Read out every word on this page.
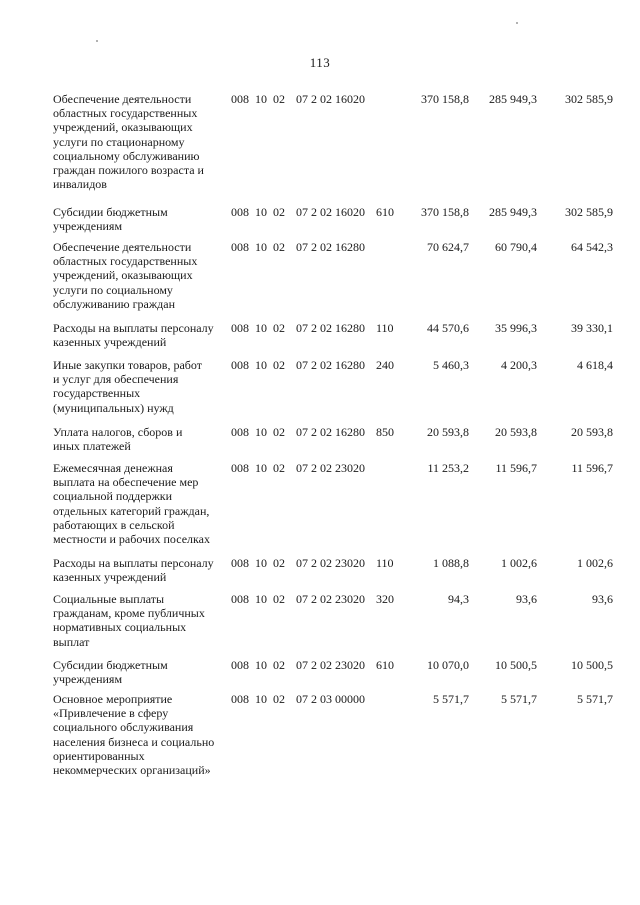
113
Обеспечение деятельности
областных государственных
учреждений, оказывающих
услуги по стационарному
социальному обслуживанию
граждан пожилого возраста и
инвалидов
008 10 02 07 2 02 16020	370 158,8	285 949,3	302 585,9
Субсидии бюджетным
учреждениям
008 10 02 07 2 02 16020 610	370 158,8	285 949,3	302 585,9
Обеспечение деятельности
областных государственных
учреждений, оказывающих
услуги по социальному
обслуживанию граждан
008 10 02 07 2 02 16280	70 624,7	60 790,4	64 542,3
Расходы на выплаты персоналу
казенных учреждений
008 10 02 07 2 02 16280 110	44 570,6	35 996,3	39 330,1
Иные закупки товаров, работ
и услуг для обеспечения
государственных
(муниципальных) нужд
008 10 02 07 2 02 16280 240	5 460,3	4 200,3	4 618,4
Уплата налогов, сборов и
иных платежей
008 10 02 07 2 02 16280 850	20 593,8	20 593,8	20 593,8
Ежемесячная денежная
выплата на обеспечение мер
социальной поддержки
отдельных категорий граждан,
работающих в сельской
местности и рабочих поселках
008 10 02 07 2 02 23020	11 253,2	11 596,7	11 596,7
Расходы на выплаты персоналу
казенных учреждений
008 10 02 07 2 02 23020 110	1 088,8	1 002,6	1 002,6
Социальные выплаты
гражданам, кроме публичных
нормативных социальных
выплат
008 10 02 07 2 02 23020 320	94,3	93,6	93,6
Субсидии бюджетным
учреждениям
008 10 02 07 2 02 23020 610	10 070,0	10 500,5	10 500,5
Основное мероприятие
«Привлечение в сферу
социального обслуживания
населения бизнеса и социально
ориентированных
некоммерческих организаций»
008 10 02 07 2 03 00000	5 571,7	5 571,7	5 571,7
